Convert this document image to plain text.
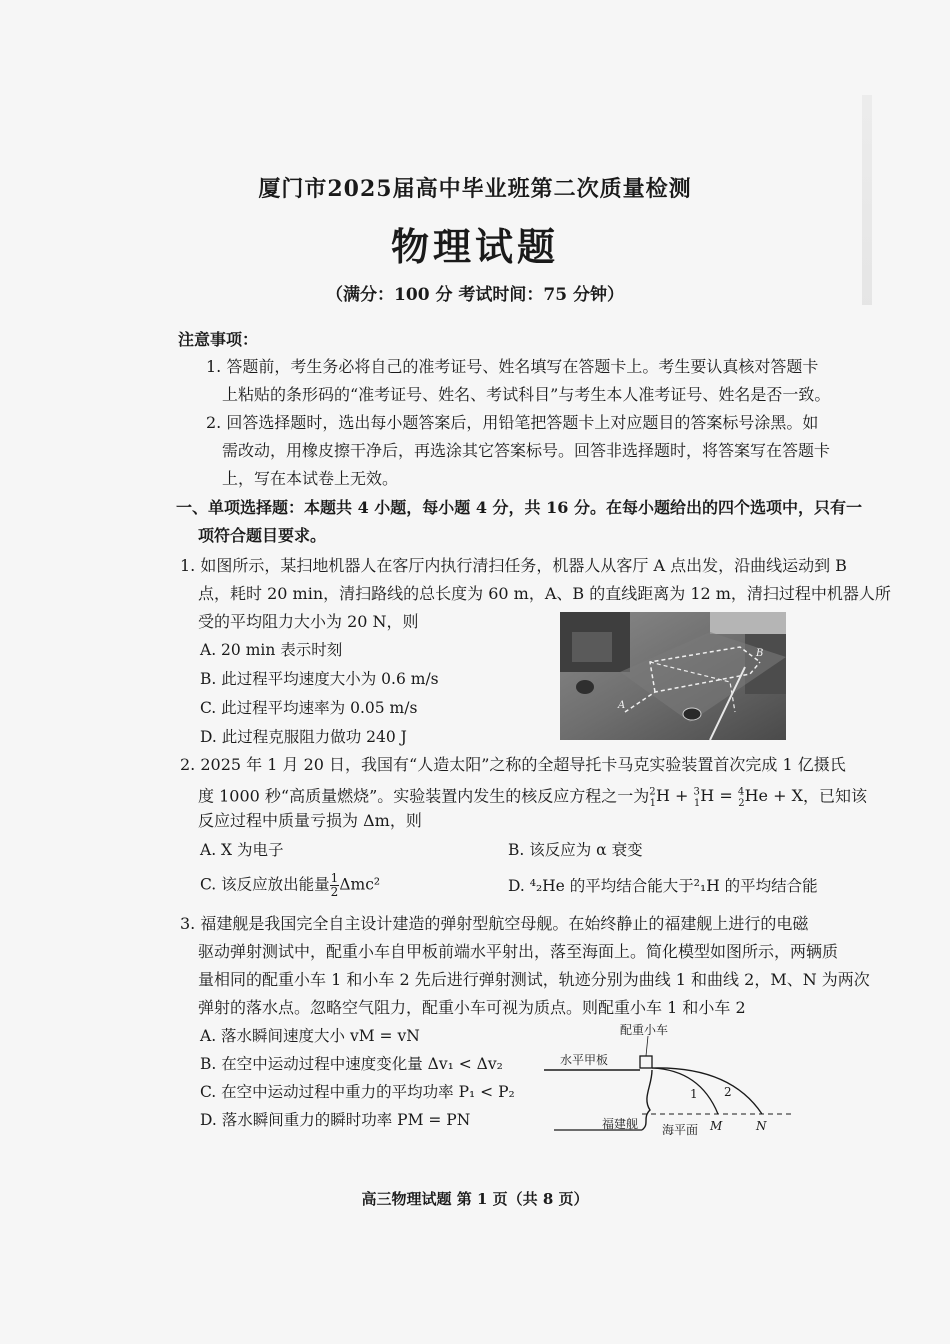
厦门市2025届高中毕业班第二次质量检测
物理试题
（满分：100 分 考试时间：75 分钟）
注意事项：
1. 答题前，考生务必将自己的准考证号、姓名填写在答题卡上。考生要认真核对答题卡
上粘贴的条形码的“准考证号、姓名、考试科目”与考生本人准考证号、姓名是否一致。
2. 回答选择题时，选出每小题答案后，用铅笔把答题卡上对应题目的答案标号涂黑。如
需改动，用橡皮擦干净后，再选涂其它答案标号。回答非选择题时，将答案写在答题卡
上，写在本试卷上无效。
一、单项选择题：本题共 4 小题，每小题 4 分，共 16 分。在每小题给出的四个选项中，只有一
项符合题目要求。
1. 如图所示，某扫地机器人在客厅内执行清扫任务，机器人从客厅 A 点出发，沿曲线运动到 B
点，耗时 20 min，清扫路线的总长度为 60 m，A、B 的直线距离为 12 m，清扫过程中机器人所
受的平均阻力大小为 20 N，则
A. 20 min 表示时刻
B. 此过程平均速度大小为 0.6 m/s
C. 此过程平均速率为 0.05 m/s
D. 此过程克服阻力做功 240 J
A
B
2. 2025 年 1 月 20 日，我国有“人造太阳”之称的全超导托卡马克实验装置首次完成 1 亿摄氏
度 1000 秒“高质量燃烧”。实验装置内发生的核反应方程之一为$^2_1$H + $^3_1$H = $^4_2$He + X，已知该
反应过程中质量亏损为 Δm，则
A. X 为电子	B. 该反应为 α 衰变
C. 该反应放出能量 $\frac{1}{2} \Delta mc^2$	D. ⁴₂He 的平均结合能大于²₁H 的平均结合能
3. 福建舰是我国完全自主设计建造的弹射型航空母舰。在始终静止的福建舰上进行的电磁
驱动弹射测试中，配重小车自甲板前端水平射出，落至海面上。简化模型如图所示，两辆质
量相同的配重小车 1 和小车 2 先后进行弹射测试，轨迹分别为曲线 1 和曲线 2，M、N 为两次
弹射的落水点。忽略空气阻力，配重小车可视为质点。则配重小车 1 和小车 2
A. 落水瞬间速度大小 vM = vN
B. 在空中运动过程中速度变化量 Δv₁ < Δv₂
C. 在空中运动过程中重力的平均功率 P₁ < P₂
D. 落水瞬间重力的瞬时功率 PM = PN
配重小车
水平甲板
福建舰 海平面
1 2
M	N
高三物理试题 第 1 页（共 8 页）
